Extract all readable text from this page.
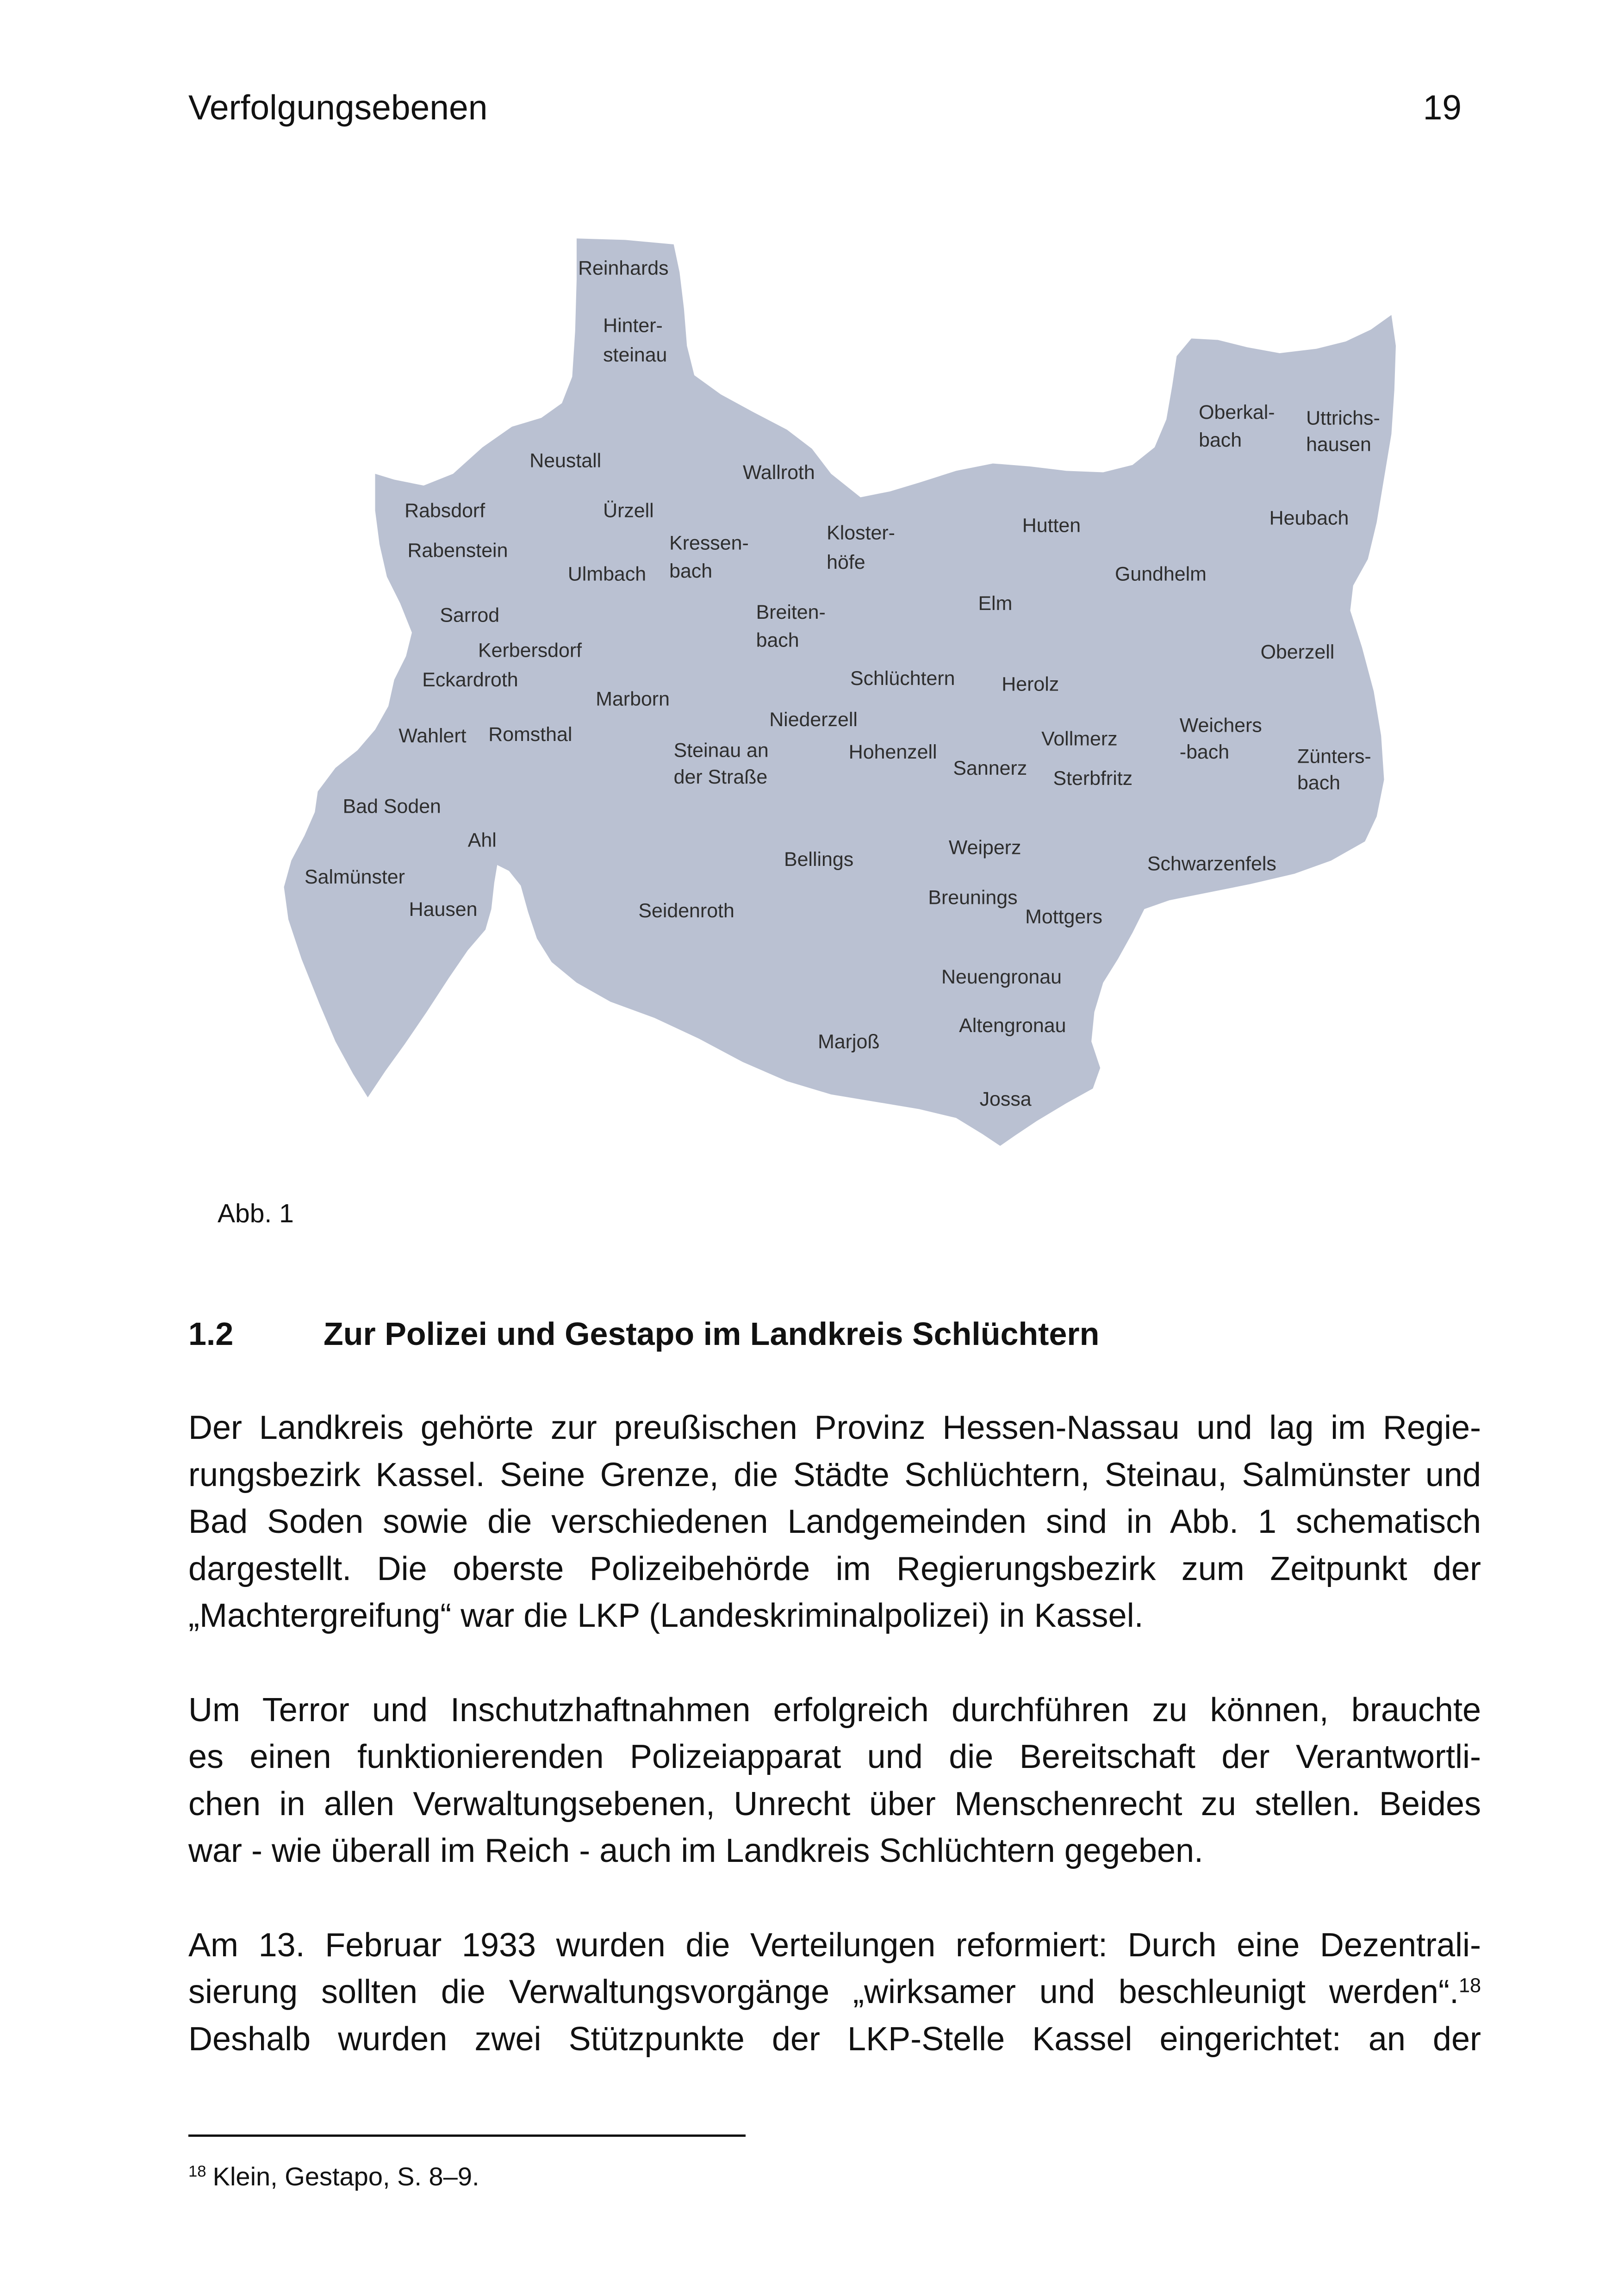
Verfolgungsebenen	19
Reinhards
Hinter-
steinau
Neustall
Wallroth
Oberkal-
bach
Uttrichs-
hausen
Rabsdorf	Ürzell
Kressen-
bach
Kloster-
höfe
Hutten	Heubach
Rabenstein
Ulmbach	Gundhelm
Elm
Breiten-
bach
Sarrod
Kerbersdorf	Oberzell
Eckardroth	Schlüchtern	Herolz
Marborn
Niederzell	Weichers
-bach
Wahlert	Romsthal	Vollmerz
Steinau an
der Straße
Hohenzell	Zünters-
bach
Sannerz	Sterbfritz
Bad Soden
Ahl	Weiperz
Bellings	Schwarzenfels
Salmünster
Breunings
Hausen	Seidenroth	Mottgers
Neuengronau
Altengronau
Marjoß
Jossa
Abb. 1
1.2	Zur Polizei und Gestapo im Landkreis Schlüchtern
Der Landkreis gehörte zur preußischen Provinz Hessen-Nassau und lag im Regie-
rungsbezirk Kassel. Seine Grenze, die Städte Schlüchtern, Steinau, Salmünster und
Bad Soden sowie die verschiedenen Landgemeinden sind in Abb. 1 schematisch
dargestellt. Die oberste Polizeibehörde im Regierungsbezirk zum Zeitpunkt der
„Machtergreifung“ war die LKP (Landeskriminalpolizei) in Kassel.
Um Terror und Inschutzhaftnahmen erfolgreich durchführen zu können, brauchte
es einen funktionierenden Polizeiapparat und die Bereitschaft der Verantwortli-
chen in allen Verwaltungsebenen, Unrecht über Menschenrecht zu stellen. Beides
war - wie überall im Reich - auch im Landkreis Schlüchtern gegeben.
Am 13. Februar 1933 wurden die Verteilungen reformiert: Durch eine Dezentrali-
sierung sollten die Verwaltungsvorgänge „wirksamer und beschleunigt werden“.$^{18}$
Deshalb wurden zwei Stützpunkte der LKP-Stelle Kassel eingerichtet: an der
$^{18}$ Klein, Gestapo, S. 8–9.
